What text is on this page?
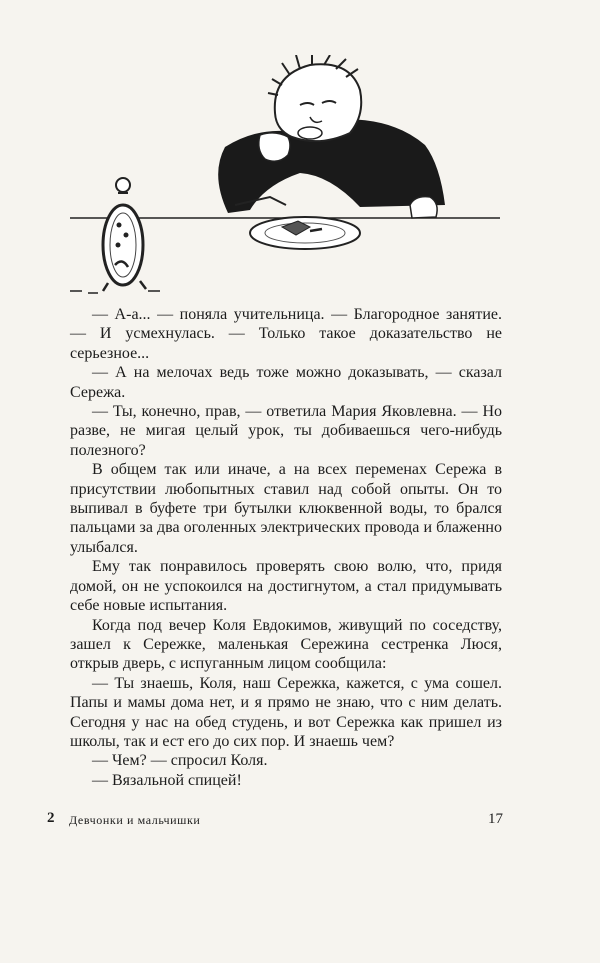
— А-а... — поняла учительница. — Благородное занятие. — И усмехнулась. — Только такое доказательство не серьезное...

— А на мелочах ведь тоже можно доказывать, — сказал Сережа.

— Ты, конечно, прав, — ответила Мария Яковлевна. — Но разве, не мигая целый урок, ты добиваешься чего-нибудь полезного?

В общем так или иначе, а на всех переменах Сережа в присутствии любопытных ставил над собой опыты. Он то выпивал в буфете три бутылки клюквенной воды, то брался пальцами за два оголенных электрических провода и блаженно улыбался.

Ему так понравилось проверять свою волю, что, придя домой, он не успокоился на достигнутом, а стал придумывать себе новые испытания.

Когда под вечер Коля Евдокимов, живущий по соседству, зашел к Сережке, маленькая Сережина сестренка Люся, открыв дверь, с испуганным лицом сообщила:

— Ты знаешь, Коля, наш Сережка, кажется, с ума сошел. Папы и мамы дома нет, и я прямо не знаю, что с ним делать. Сегодня у нас на обед студень, и вот Сережка как пришел из школы, так и ест его до сих пор. И знаешь чем?

— Чем? — спросил Коля.

— Вязальной спицей!

2 Девчонки и мальчишки	17
